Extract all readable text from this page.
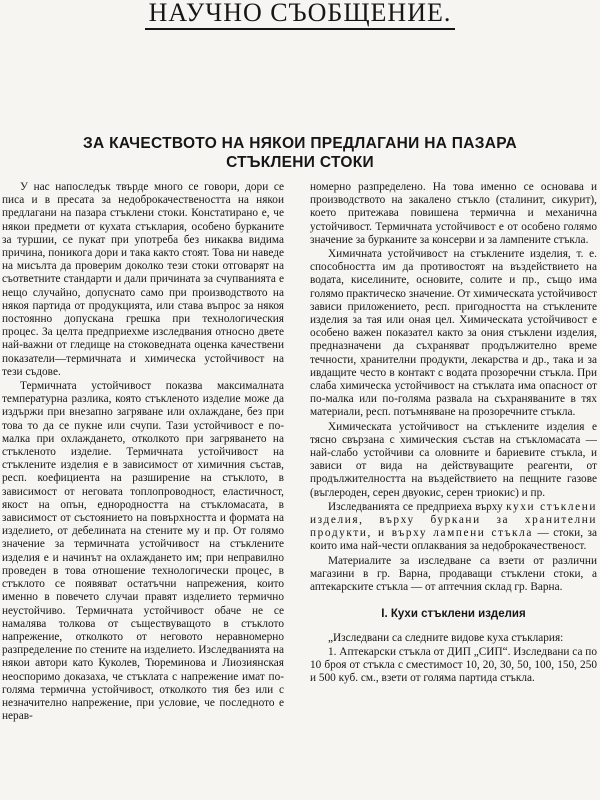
НАУЧНО СЪОБЩЕНИЕ.
ЗА КАЧЕСТВОТО НА НЯКОИ ПРЕДЛАГАНИ НА ПАЗАРА
СТЪКЛЕНИ СТОКИ

У нас напоследък твърде много се говори, дори се писа и в пресата за недоброкачествеността на някои предлагани на пазара стъклени стоки. Констатирано е, че някои предмети от кухата стъклария, особено бурканите за туршии, се пукат при употреба без никаква видима причина, поникога дори и така както стоят. Това ни наведе на мисълта да проверим доколко тези стоки отговарят на съответните стандарти и дали причината за счупванията е нещо случайно, допуснато само при производството на някоя партида от продукцията, или става въпрос за някоя постоянно допускана грешка при технологическия процес. За целта предприехме изследвания относно двете най-важни от гледище на стоковедната оценка качествени показатели—термичната и химическа устойчивост на тези съдове.

Термичната устойчивост показва максималната температурна разлика, която стъкленото изделие може да издържи при внезапно загряване или охлаждане, без при това то да се пукне или счупи. Тази устойчивост е по-малка при охлаждането, отколкото при загряването на стъкленото изделие. Термичната устойчивост на стъклените изделия е в зависимост от химичния състав, респ. коефициента на разширение на стъклото, в зависимост от неговата топлопроводност, еластичност, якост на опън, еднородността на стъкломасата, в зависимост от състоянието на повърхността и формата на изделието, от дебелината на стените му и пр. От голямо значение за термичната устойчивост на стъклените изделия е и начинът на охлаждането им; при неправилно проведен в това отношение технологически процес, в стъклото се появяват остатъчни напрежения, които именно в повечето случаи правят изделието термично неустойчиво. Термичната устойчивост обаче не се намалява толкова от съществуващото в стъклото напрежение, отколкото от неговото неравномерно разпределение по стените на изделието. Изследванията на някои автори като Куколев, Тюреминова и Лиозиянская неоспоримо доказаха, че стъклата с напрежение имат по-голяма термична устойчивост, отколкото тия без или с незначително напрежение, при условие, че последното е нерав-

номерно разпределено. На това именно се основава и производството на закалено стъкло (сталинит, сикурит), което притежава повишена термична и механична устойчивост. Термичната устойчивост е от особено голямо значение за бурканите за консерви и за лампените стъкла.

Химичната устойчивост на стъклените изделия, т. е. способността им да противостоят на въздействието на водата, киселините, основите, солите и пр., също има голямо практическо значение. От химическата устойчивост зависи приложението, респ. пригодността на стъклените изделия за тая или оная цел. Химическата устойчивост е особено важен показател както за ония стъклени изделия, предназначени да съхраняват продължително време течности, хранителни продукти, лекарства и др., така и за ивдащите често в контакт с водата прозоречни стъкла. При слаба химическа устойчивост на стъклата има опасност от по-малка или по-голяма развала на съхраняваните в тях материали, респ. потъмняване на прозоречните стъкла.

Химическата устойчивост на стъклените изделия е тясно свързана с химическия състав на стъкломасата — най-слабо устойчиви са оловните и бариевите стъкла, и зависи от вида на действуващите реагенти, от продължителността на въздействието на пещните газове (въглероден, серен двуокис, серен триокис) и пр.

Изследванията се предприеха върху кухи стъклени изделия, върху буркани за хранителни продукти, и върху лампени стъкла — стоки, за които има най-чести оплаквания за недоброкачественост.

Материалите за изследване са взети от различни магазини в гр. Варна, продаващи стъклени стоки, а аптекарските стъкла — от аптечния склад гр. Варна.

I. Кухи стъклени изделия

„Изследвани са следните видове куха стъклария:

1. Аптекарски стъкла от ДИП „СИП“. Изследвани са по 10 броя от стъкла с сместимост 10, 20, 30, 50, 100, 150, 250 и 500 куб. см., взети от голяма партида стъкла.
